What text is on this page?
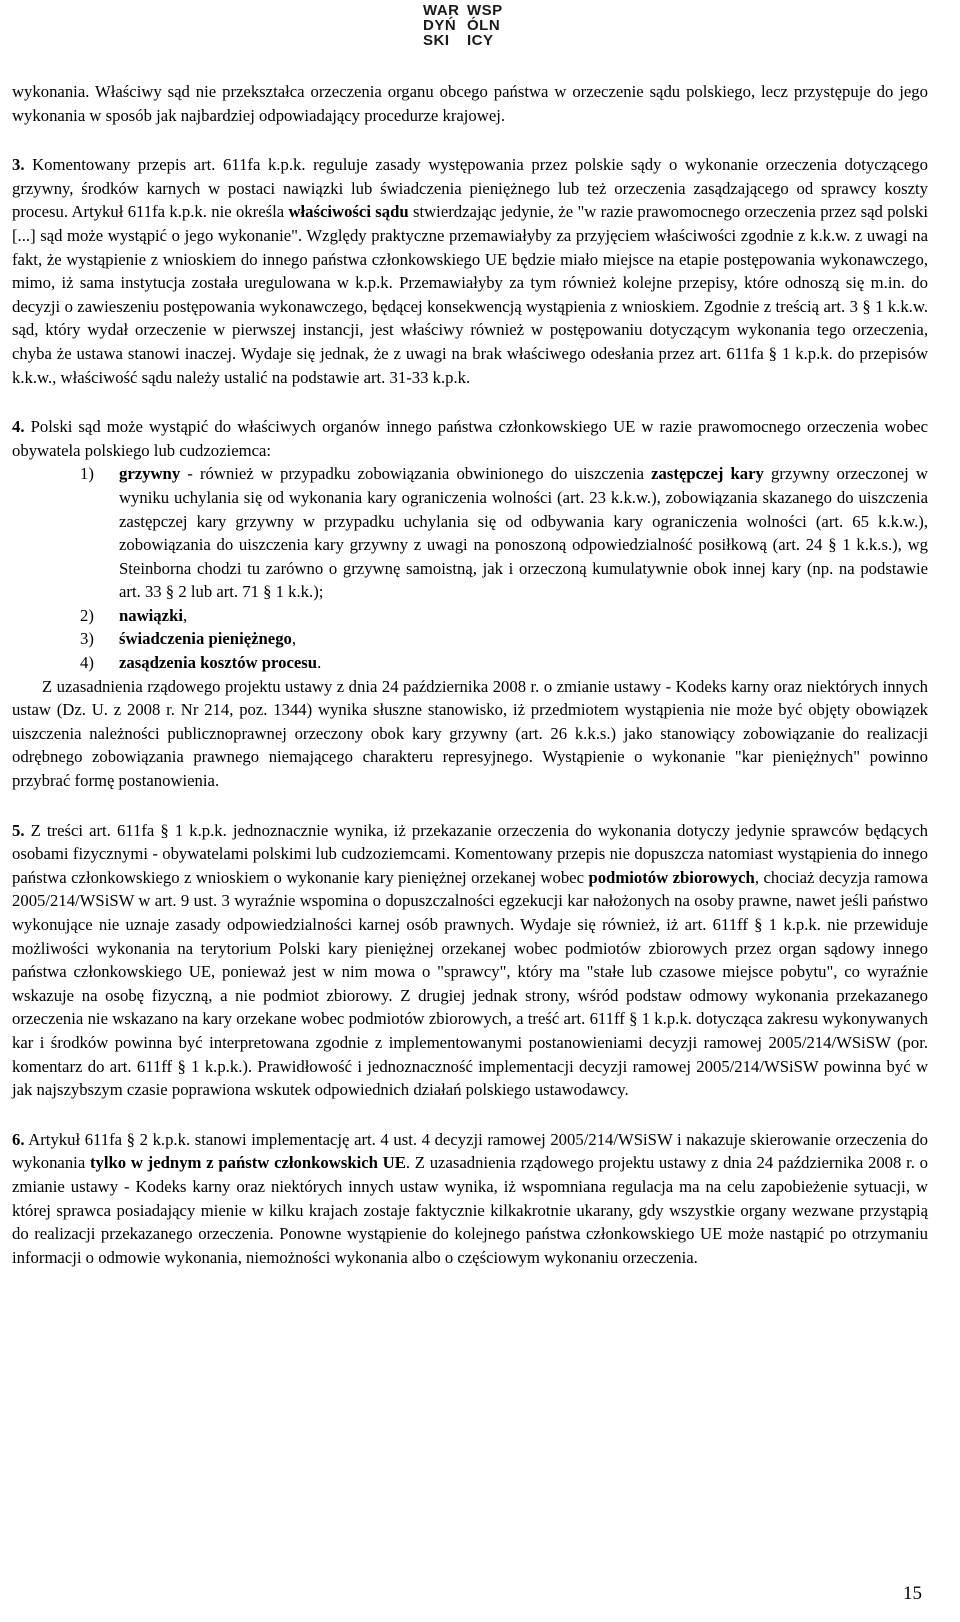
WAR WSP
DYŃ ÓLN
SKI	ICY

wykonania. Właściwy sąd nie przekształca orzeczenia organu obcego państwa w orzeczenie sądu polskiego, lecz przystępuje do jego wykonania w sposób jak najbardziej odpowiadający procedurze krajowej.

3. Komentowany przepis art. 611fa k.p.k. reguluje zasady występowania przez polskie sądy o wykonanie orzeczenia dotyczącego grzywny, środków karnych w postaci nawiązki lub świadczenia pieniężnego lub też orzeczenia zasądzającego od sprawcy koszty procesu. Artykuł 611fa k.p.k. nie określa właściwości sądu stwierdzając jedynie, że "w razie prawomocnego orzeczenia przez sąd polski [...] sąd może wystąpić o jego wykonanie". Względy praktyczne przemawiałyby za przyjęciem właściwości zgodnie z k.k.w. z uwagi na fakt, że wystąpienie z wnioskiem do innego państwa członkowskiego UE będzie miało miejsce na etapie postępowania wykonawczego, mimo, iż sama instytucja została uregulowana w k.p.k. Przemawiałyby za tym również kolejne przepisy, które odnoszą się m.in. do decyzji o zawieszeniu postępowania wykonawczego, będącej konsekwencją wystąpienia z wnioskiem. Zgodnie z treścią art. 3 § 1 k.k.w. sąd, który wydał orzeczenie w pierwszej instancji, jest właściwy również w postępowaniu dotyczącym wykonania tego orzeczenia, chyba że ustawa stanowi inaczej. Wydaje się jednak, że z uwagi na brak właściwego odesłania przez art. 611fa § 1 k.p.k. do przepisów k.k.w., właściwość sądu należy ustalić na podstawie art. 31-33 k.p.k.

4. Polski sąd może wystąpić do właściwych organów innego państwa członkowskiego UE w razie prawomocnego orzeczenia wobec obywatela polskiego lub cudzoziemca:

1) grzywny - również w przypadku zobowiązania obwinionego do uiszczenia zastępczej kary grzywny orzeczonej w wyniku uchylania się od wykonania kary ograniczenia wolności (art. 23 k.k.w.), zobowiązania skazanego do uiszczenia zastępczej kary grzywny w przypadku uchylania się od odbywania kary ograniczenia wolności (art. 65 k.k.w.), zobowiązania do uiszczenia kary grzywny z uwagi na ponoszoną odpowiedzialność posiłkową (art. 24 § 1 k.k.s.), wg Steinborna chodzi tu zarówno o grzywnę samoistną, jak i orzeczoną kumulatywnie obok innej kary (np. na podstawie art. 33 § 2 lub art. 71 § 1 k.k.);
2) nawiązki,
3) świadczenia pieniężnego,
4) zasądzenia kosztów procesu.

Z uzasadnienia rządowego projektu ustawy z dnia 24 października 2008 r. o zmianie ustawy - Kodeks karny oraz niektórych innych ustaw (Dz. U. z 2008 r. Nr 214, poz. 1344) wynika słuszne stanowisko, iż przedmiotem wystąpienia nie może być objęty obowiązek uiszczenia należności publicznoprawnej orzeczony obok kary grzywny (art. 26 k.k.s.) jako stanowiący zobowiązanie do realizacji odrębnego zobowiązania prawnego niemającego charakteru represyjnego. Wystąpienie o wykonanie "kar pieniężnych" powinno przybrać formę postanowienia.

5. Z treści art. 611fa § 1 k.p.k. jednoznacznie wynika, iż przekazanie orzeczenia do wykonania dotyczy jedynie sprawców będących osobami fizycznymi - obywatelami polskimi lub cudzoziemcami. Komentowany przepis nie dopuszcza natomiast wystąpienia do innego państwa członkowskiego z wnioskiem o wykonanie kary pieniężnej orzekanej wobec podmiotów zbiorowych, chociaż decyzja ramowa 2005/214/WSiSW w art. 9 ust. 3 wyraźnie wspomina o dopuszczalności egzekucji kar nałożonych na osoby prawne, nawet jeśli państwo wykonujące nie uznaje zasady odpowiedzialności karnej osób prawnych. Wydaje się również, iż art. 611ff § 1 k.p.k. nie przewiduje możliwości wykonania na terytorium Polski kary pieniężnej orzekanej wobec podmiotów zbiorowych przez organ sądowy innego państwa członkowskiego UE, ponieważ jest w nim mowa o "sprawcy", który ma "stałe lub czasowe miejsce pobytu", co wyraźnie wskazuje na osobę fizyczną, a nie podmiot zbiorowy. Z drugiej jednak strony, wśród podstaw odmowy wykonania przekazanego orzeczenia nie wskazano na kary orzekane wobec podmiotów zbiorowych, a treść art. 611ff § 1 k.p.k. dotycząca zakresu wykonywanych kar i środków powinna być interpretowana zgodnie z implementowanymi postanowieniami decyzji ramowej 2005/214/WSiSW (por. komentarz do art. 611ff § 1 k.p.k.). Prawidłowość i jednoznaczność implementacji decyzji ramowej 2005/214/WSiSW powinna być w jak najszybszym czasie poprawiona wskutek odpowiednich działań polskiego ustawodawcy.

6. Artykuł 611fa § 2 k.p.k. stanowi implementację art. 4 ust. 4 decyzji ramowej 2005/214/WSiSW i nakazuje skierowanie orzeczenia do wykonania tylko w jednym z państw członkowskich UE. Z uzasadnienia rządowego projektu ustawy z dnia 24 października 2008 r. o zmianie ustawy - Kodeks karny oraz niektórych innych ustaw wynika, iż wspomniana regulacja ma na celu zapobieżenie sytuacji, w której sprawca posiadający mienie w kilku krajach zostaje faktycznie kilkakrotnie ukarany, gdy wszystkie organy wezwane przystąpią do realizacji przekazanego orzeczenia. Ponowne wystąpienie do kolejnego państwa członkowskiego UE może nastąpić po otrzymaniu informacji o odmowie wykonania, niemożności wykonania albo o częściowym wykonaniu orzeczenia.

15
